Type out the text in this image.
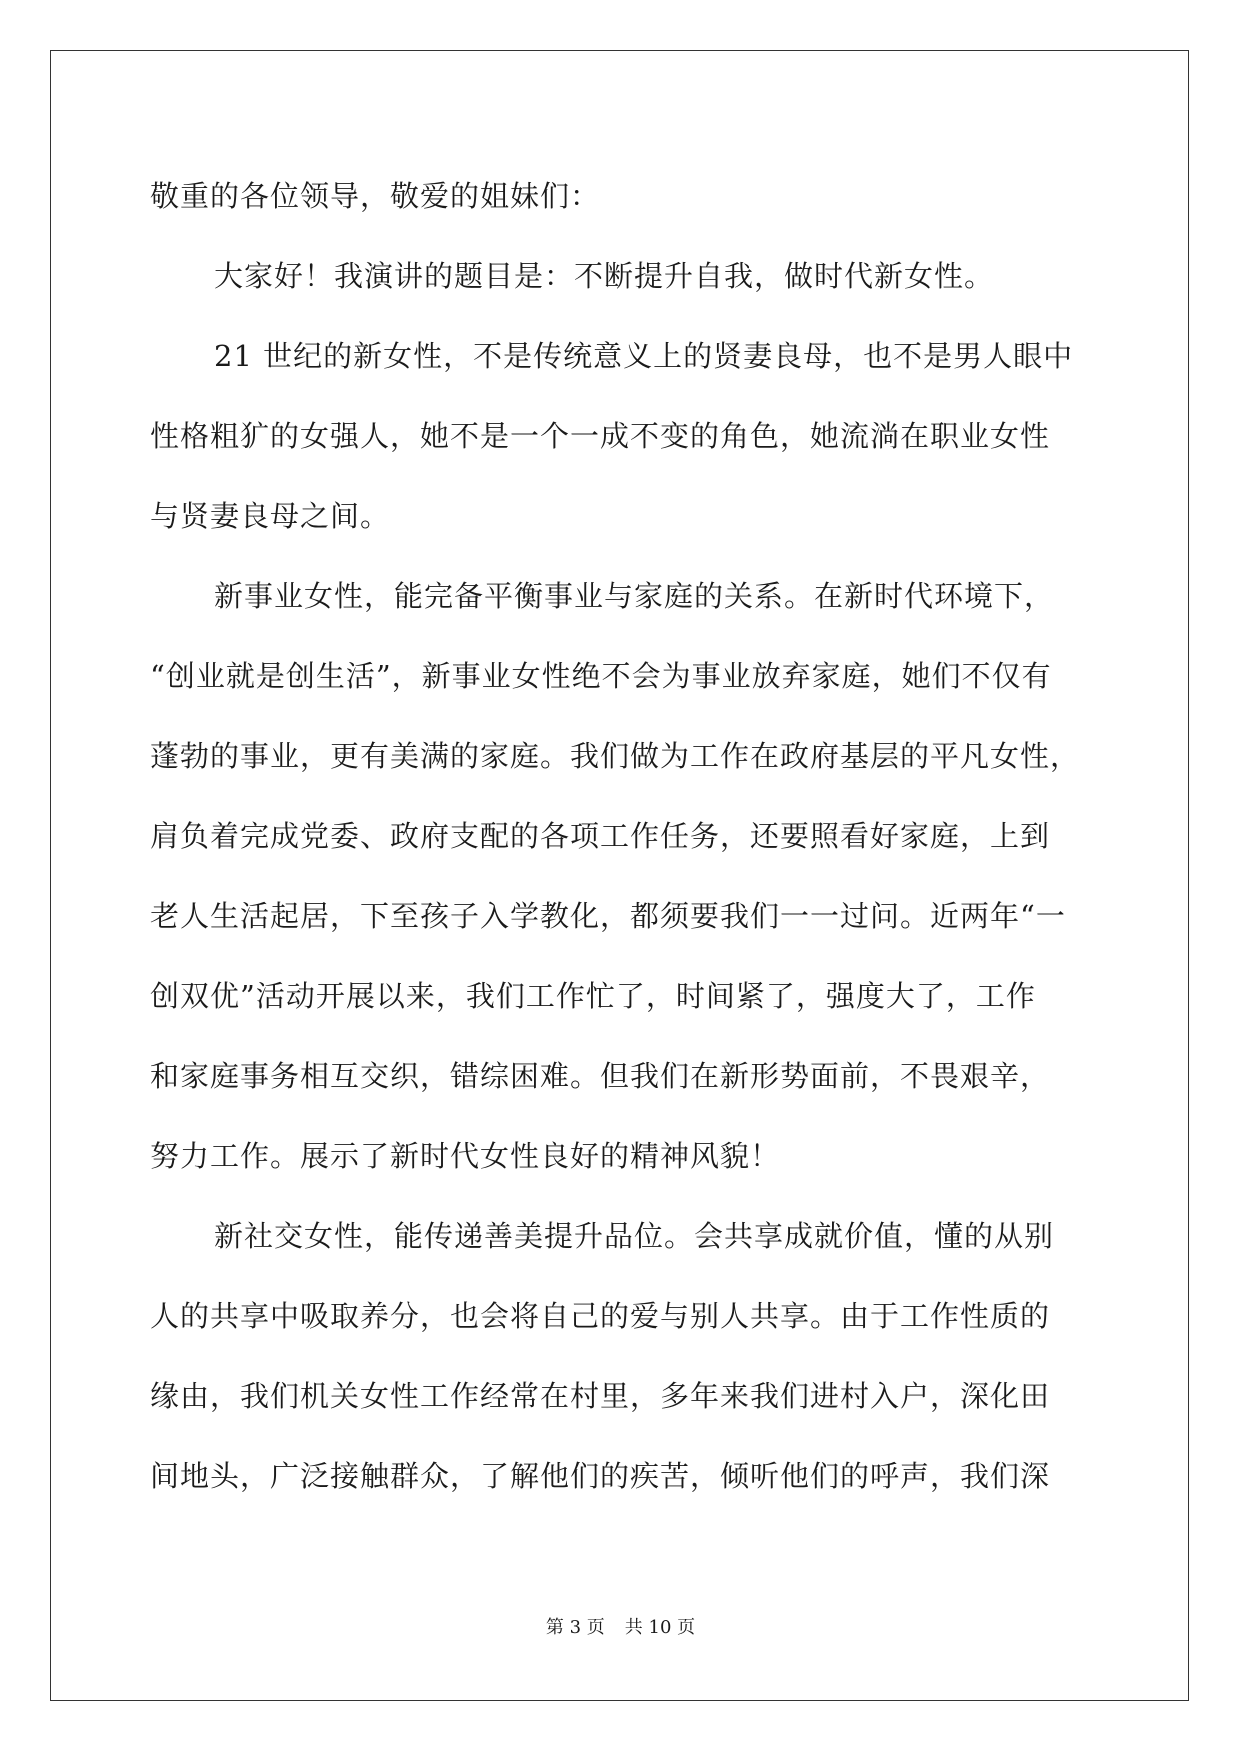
敬重的各位领导，敬爱的姐妹们：
大家好！我演讲的题目是：不断提升自我，做时代新女性。
21 世纪的新女性，不是传统意义上的贤妻良母，也不是男人眼中
性格粗犷的女强人，她不是一个一成不变的角色，她流淌在职业女性
与贤妻良母之间。
新事业女性，能完备平衡事业与家庭的关系。在新时代环境下，
“创业就是创生活”，新事业女性绝不会为事业放弃家庭，她们不仅有
蓬勃的事业，更有美满的家庭。我们做为工作在政府基层的平凡女性，
肩负着完成党委、政府支配的各项工作任务，还要照看好家庭，上到
老人生活起居，下至孩子入学教化，都须要我们一一过问。近两年“一
创双优”活动开展以来，我们工作忙了，时间紧了，强度大了，工作
和家庭事务相互交织，错综困难。但我们在新形势面前，不畏艰辛，
努力工作。展示了新时代女性良好的精神风貌！
新社交女性，能传递善美提升品位。会共享成就价值，懂的从别
人的共享中吸取养分，也会将自己的爱与别人共享。由于工作性质的
缘由，我们机关女性工作经常在村里，多年来我们进村入户，深化田
间地头，广泛接触群众，了解他们的疾苦，倾听他们的呼声，我们深
第 3 页 共 10 页
